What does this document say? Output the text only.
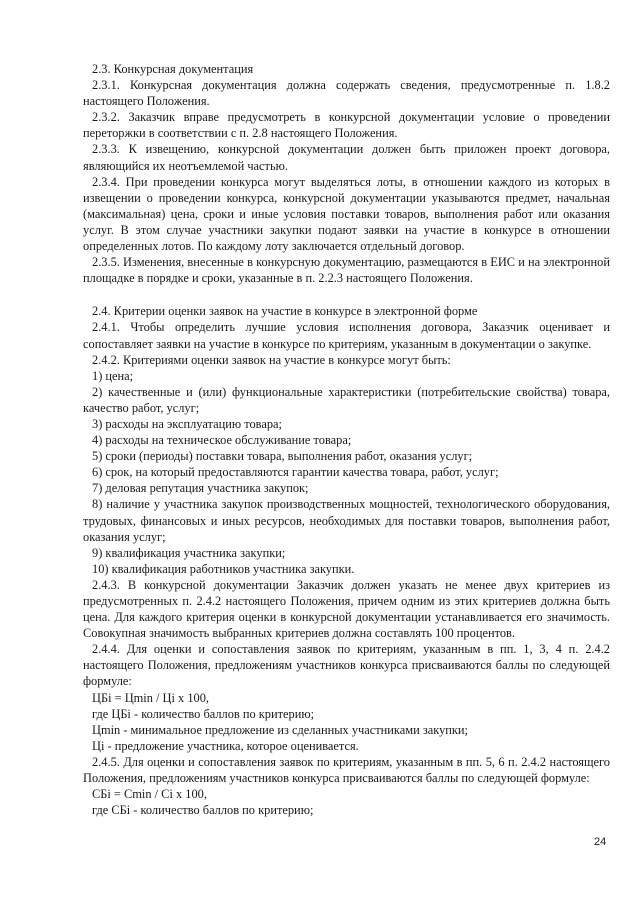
2.3. Конкурсная документация

2.3.1. Конкурсная документация должна содержать сведения, предусмотренные п. 1.8.2 настоящего Положения.

2.3.2. Заказчик вправе предусмотреть в конкурсной документации условие о проведении переторжки в соответствии с п. 2.8 настоящего Положения.

2.3.3. К извещению, конкурсной документации должен быть приложен проект договора, являющийся их неотъемлемой частью.

2.3.4. При проведении конкурса могут выделяться лоты, в отношении каждого из которых в извещении о проведении конкурса, конкурсной документации указываются предмет, начальная (максимальная) цена, сроки и иные условия поставки товаров, выполнения работ или оказания услуг. В этом случае участники закупки подают заявки на участие в конкурсе в отношении определенных лотов. По каждому лоту заключается отдельный договор.

2.3.5. Изменения, внесенные в конкурсную документацию, размещаются в ЕИС и на электронной площадке в порядке и сроки, указанные в п. 2.2.3 настоящего Положения.

2.4. Критерии оценки заявок на участие в конкурсе в электронной форме

2.4.1. Чтобы определить лучшие условия исполнения договора, Заказчик оценивает и сопоставляет заявки на участие в конкурсе по критериям, указанным в документации о закупке.

2.4.2. Критериями оценки заявок на участие в конкурсе могут быть:

1) цена;

2) качественные и (или) функциональные характеристики (потребительские свойства) товара, качество работ, услуг;

3) расходы на эксплуатацию товара;

4) расходы на техническое обслуживание товара;

5) сроки (периоды) поставки товара, выполнения работ, оказания услуг;

6) срок, на который предоставляются гарантии качества товара, работ, услуг;

7) деловая репутация участника закупок;

8) наличие у участника закупок производственных мощностей, технологического оборудования, трудовых, финансовых и иных ресурсов, необходимых для поставки товаров, выполнения работ, оказания услуг;

9) квалификация участника закупки;

10) квалификация работников участника закупки.

2.4.3. В конкурсной документации Заказчик должен указать не менее двух критериев из предусмотренных п. 2.4.2 настоящего Положения, причем одним из этих критериев должна быть цена. Для каждого критерия оценки в конкурсной документации устанавливается его значимость. Совокупная значимость выбранных критериев должна составлять 100 процентов.

2.4.4. Для оценки и сопоставления заявок по критериям, указанным в пп. 1, 3, 4 п. 2.4.2 настоящего Положения, предложениям участников конкурса присваиваются баллы по следующей формуле:

ЦБi = Цmin / Цi x 100,

где ЦБi - количество баллов по критерию;

Цmin - минимальное предложение из сделанных участниками закупки;

Цi - предложение участника, которое оценивается.

2.4.5. Для оценки и сопоставления заявок по критериям, указанным в пп. 5, 6 п. 2.4.2 настоящего Положения, предложениям участников конкурса присваиваются баллы по следующей формуле:

СБi = Cmin / Ci x 100,

где СБi - количество баллов по критерию;

24
